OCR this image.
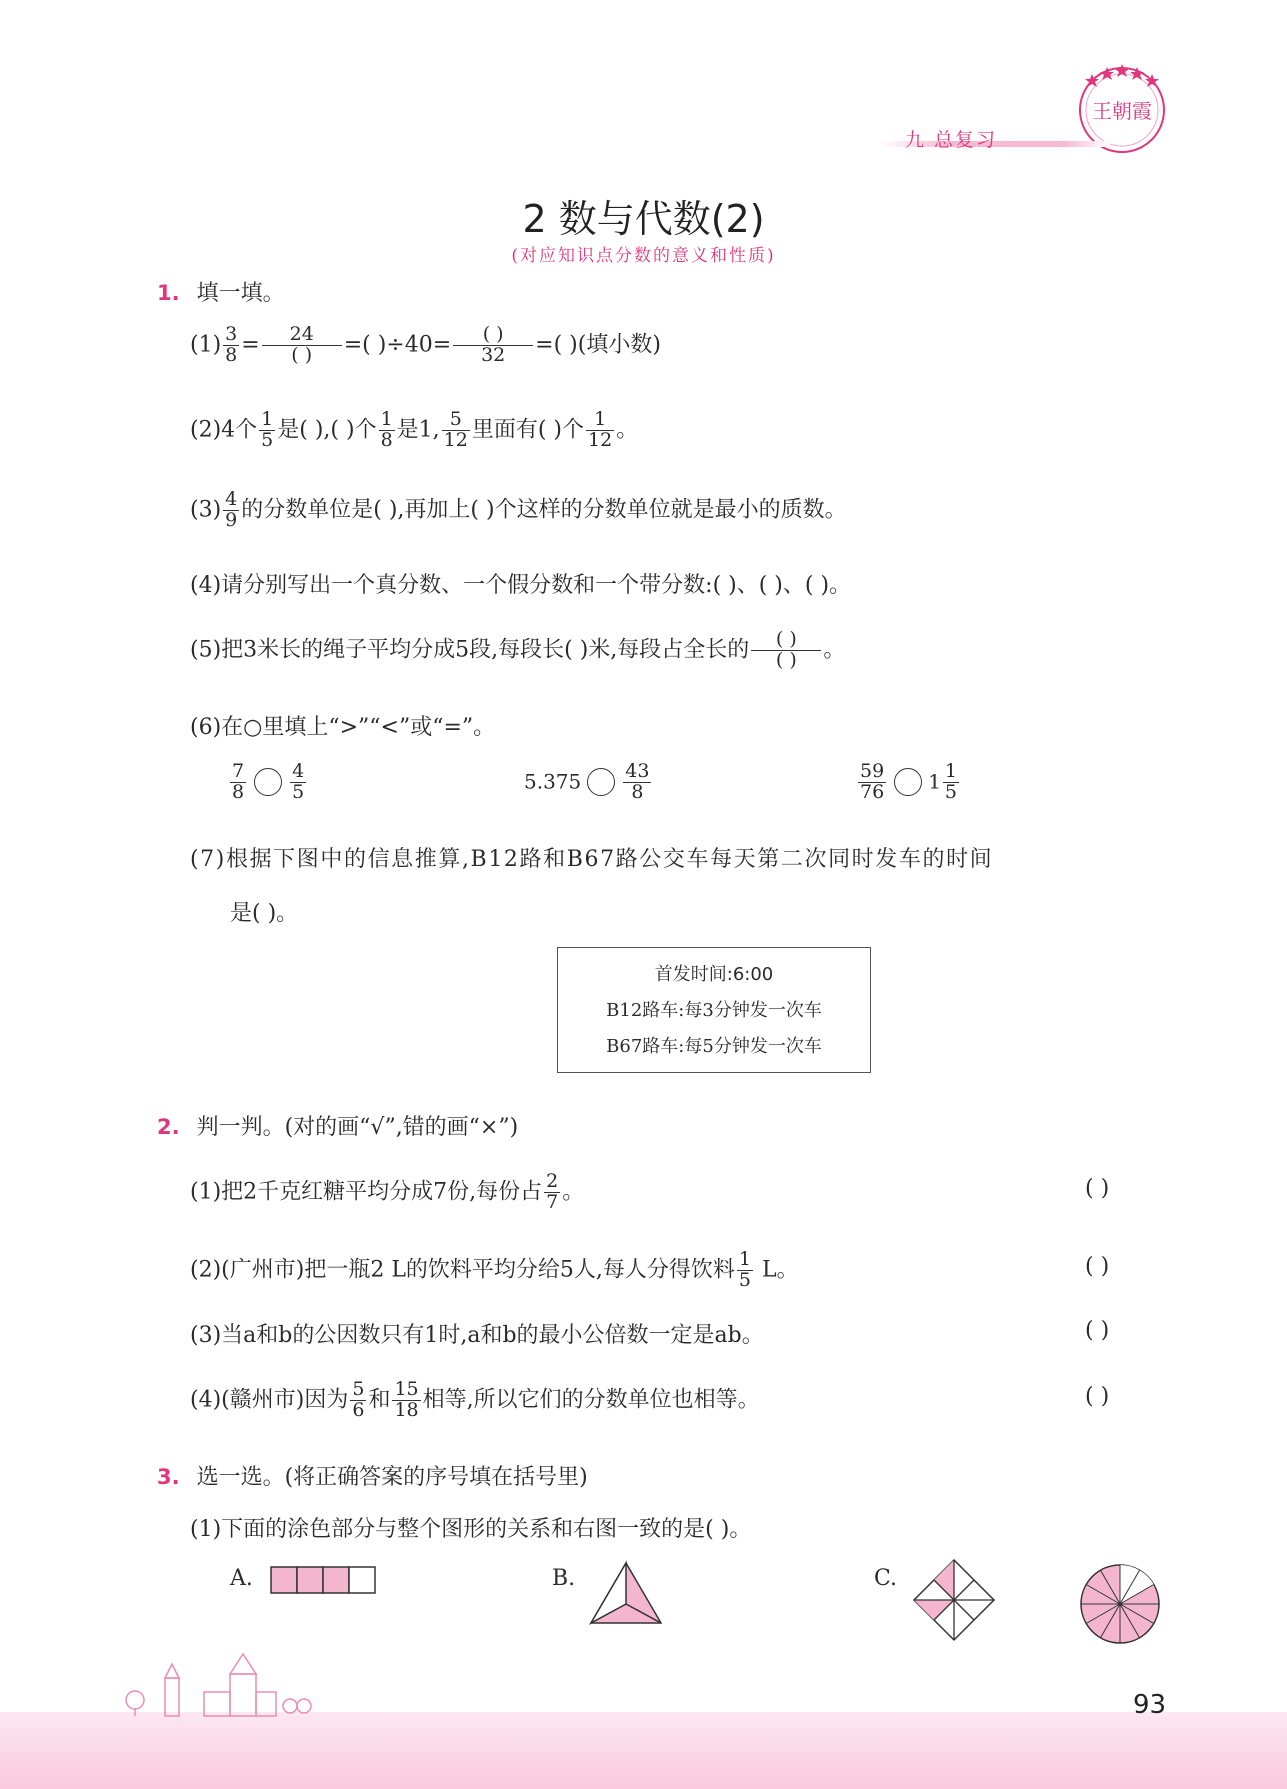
王朝霞
九 总复习
2 数与代数(2)
(对应知识点分数的意义和性质)
1. 填一填。
$(1) \frac{3}{8} = \frac{24}{( )}$ =( )$\div 40= \frac{( )}{32}$ =( )(填小数)
(2)4个 $\frac{1}{5}$ 是( ),( )个 $\frac{1}{8}$ 是1, $\frac{5}{12}$ 里面有( )个 $\frac{1}{12}$ 。
$(3) \frac{4}{9}$ 的分数单位是( ),再加上( )个这样的分数单位就是最小的质数。
(4)请分别写出一个真分数、一个假分数和一个带分数:( )、( )、( )。
(5)把3米长的绳子平均分成5段,每段长( )米,每段占全长的 $\frac{( )}{( )}$ 。
(6)在○里填上“>”“<”或“=”。
$\frac{7}{8} \frac{4}{5}$	$5.375 \frac{43}{8}$	$\frac{59}{76} 1 \frac{1}{5}$
(7)根据下图中的信息推算,B12路和B67路公交车每天第二次同时发车的时间
是( )。
首发时间:6:00
B12路车:每3分钟发一次车
B67路车:每5分钟发一次车
2. 判一判。(对的画“√”,错的画“×”)
(1)把2千克红糖平均分成7份,每份占 $\frac{2}{7}$ 。	( )
(2)(广州市)把一瓶2 L的饮料平均分给5人,每人分得饮料 $\frac{1}{5}$ L。	( )
(3)当a和b的公因数只有1时,a和b的最小公倍数一定是ab。	( )
(4)(赣州市)因为 $\frac{5}{6}$ 和 $\frac{15}{18}$ 相等,所以它们的分数单位也相等。	( )
3. 选一选。(将正确答案的序号填在括号里)
(1)下面的涂色部分与整个图形的关系和右图一致的是( )。
A.	B.	C.
93
